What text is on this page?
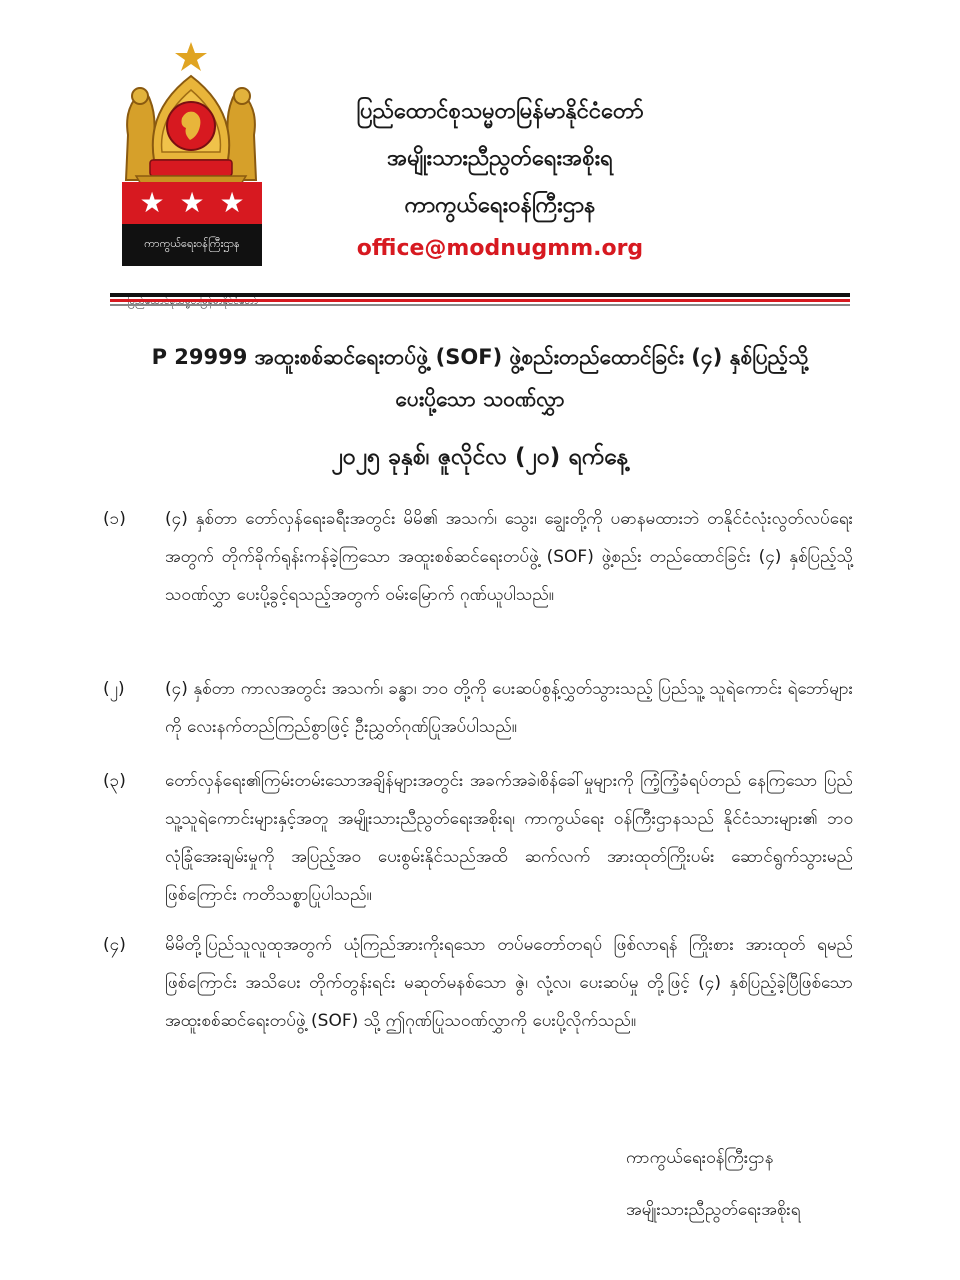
★ ★ ★
ကာကွယ်ရေးဝန်ကြီးဌာန
ပြည်ထောင်စုသမ္မတမြန်မာနိုင်ငံတော်
အမျိုးသားညီညွတ်ရေးအစိုးရ
ကာကွယ်ရေးဝန်ကြီးဌာန
office@modnugmm.org
P 29999 အထူးစစ်ဆင်ရေးတပ်ဖွဲ့ (SOF) ဖွဲ့စည်းတည်ထောင်ခြင်း (၄) နှစ်ပြည့်သို့
ပေးပို့သော သဝဏ်လွှာ
၂၀၂၅ ခုနှစ်၊ ဇူလိုင်လ (၂၀) ရက်နေ့
(၁) (၄) နှစ်တာ တော်လှန်ရေးခရီးအတွင်း မိမိ၏ အသက်၊ သွေး၊ ချွေးတို့ကို ပဓာနမထားဘဲ တနိုင်ငံလုံးလွတ်လပ်ရေး အတွက် တိုက်ခိုက်ရုန်းကန်ခဲ့ကြသော အထူးစစ်ဆင်ရေးတပ်ဖွဲ့ (SOF) ဖွဲ့စည်း တည်ထောင်ခြင်း (၄) နှစ်ပြည့်သို့ သဝဏ်လွှာ ပေးပို့ခွင့်ရသည့်အတွက် ဝမ်းမြောက် ဂုဏ်ယူပါသည်။
(၂) (၄) နှစ်တာ ကာလအတွင်း အသက်၊ ခန္ဓာ၊ ဘဝ တို့ကို ပေးဆပ်စွန့်လွှတ်သွားသည့် ပြည်သူ့ သူရဲကောင်း ရဲဘော်များကို လေးနက်တည်ကြည်စွာဖြင့် ဦးညွှတ်ဂုဏ်ပြုအပ်ပါသည်။
(၃) တော်လှန်ရေး၏ကြမ်းတမ်းသောအချိန်များအတွင်း အခက်အခဲ၊စိန်ခေါ်မှုများကို ကြံ့ကြံ့ခံရပ်တည် နေကြသော ပြည်သူ့သူရဲကောင်းများနှင့်အတူ အမျိုးသားညီညွတ်ရေးအစိုးရ၊ ကာကွယ်ရေး ဝန်ကြီးဌာနသည် နိုင်ငံသားများ၏ ဘဝလုံခြုံအေးချမ်းမှုကို အပြည့်အဝ ပေးစွမ်းနိုင်သည်အထိ ဆက်လက် အားထုတ်ကြိုးပမ်း ဆောင်ရွက်သွားမည်ဖြစ်ကြောင်း ကတိသစ္စာပြုပါသည်။
(၄) မိမိတို့ပြည်သူလူထုအတွက် ယုံကြည်အားကိုးရသော တပ်မတော်တရပ် ဖြစ်လာရန် ကြိုးစား အားထုတ် ရမည်ဖြစ်ကြောင်း အသိပေး တိုက်တွန်းရင်း မဆုတ်မနစ်သော ဇွဲ၊ လုံ့လ၊ ပေးဆပ်မှု တို့ဖြင့် (၄) နှစ်ပြည့်ခဲ့ပြီဖြစ်သော အထူးစစ်ဆင်ရေးတပ်ဖွဲ့ (SOF) သို့ ဤဂုဏ်ပြုသဝဏ်လွှာကို ပေးပို့လိုက်သည်။
ကာကွယ်ရေးဝန်ကြီးဌာန
အမျိုးသားညီညွတ်ရေးအစိုးရ
